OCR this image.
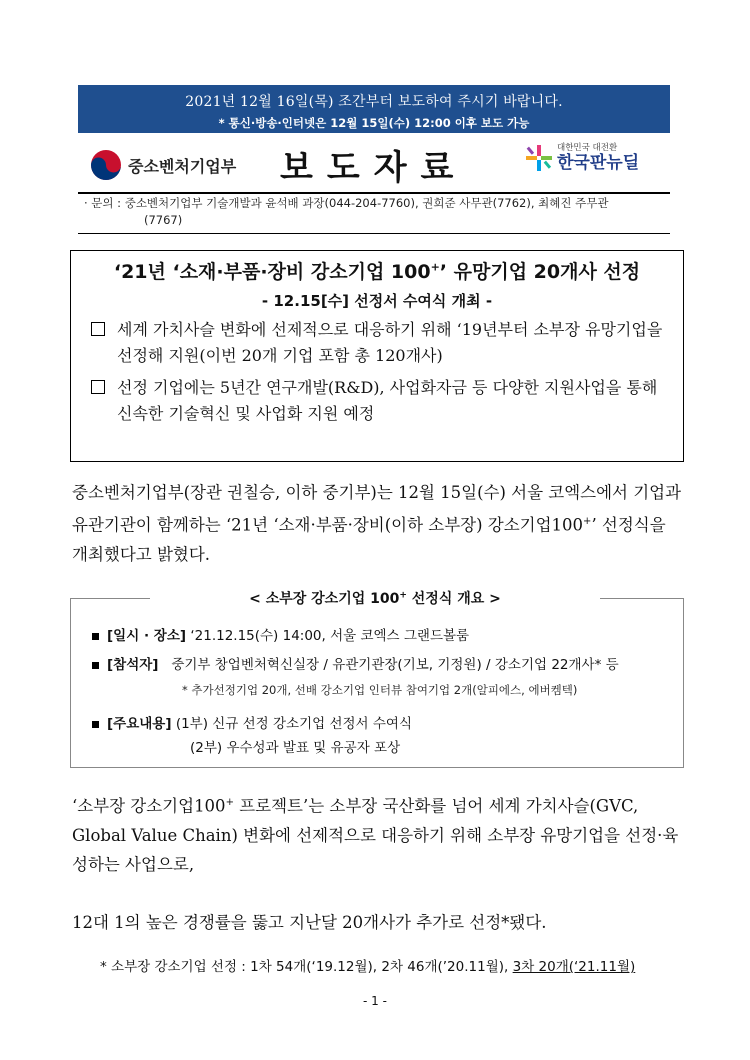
2021년 12월 16일(목) 조간부터 보도하여 주시기 바랍니다.
* 통신·방송·인터넷은 12월 15일(수) 12:00 이후 보도 가능
중소벤처기업부 보도자료	대한민국 대전환
한국판뉴딜
· 문의 : 중소벤처기업부 기술개발과 윤석배 과장(044-204-7760), 권희준 사무관(7762), 최혜진 주무관
(7767)
‘21년 ‘소재·부품·장비 강소기업 100+’ 유망기업 20개사 선정
- 12.15[수] 선정서 수여식 개최 -
세계 가치사슬 변화에 선제적으로 대응하기 위해 ‘19년부터 소부장 유망기업을 선정해 지원(이번 20개 기업 포함 총 120개사)
선정 기업에는 5년간 연구개발(R&D), 사업화자금 등 다양한 지원사업을 통해 신속한 기술혁신 및 사업화 지원 예정
중소벤처기업부(장관 권칠승, 이하 중기부)는 12월 15일(수) 서울 코엑스에서 기업과 유관기관이 함께하는 ‘21년 ‘소재·부품·장비(이하 소부장) 강소기업100+’ 선정식을 개최했다고 밝혔다.
< 소부장 강소기업 100+ 선정식 개요 >
[일시 · 장소] ‘21.12.15(수) 14:00, 서울 코엑스 그랜드볼룸
[참석자] 중기부 창업벤처혁신실장 / 유관기관장(기보, 기정원) / 강소기업 22개사* 등
* 추가선정기업 20개, 선배 강소기업 인터뷰 참여기업 2개(알피에스, 에버켐텍)
[주요내용] (1부) 신규 선정 강소기업 선정서 수여식
(2부) 우수성과 발표 및 유공자 포상
‘소부장 강소기업100+ 프로젝트’는 소부장 국산화를 넘어 세계 가치사슬(GVC, Global Value Chain) 변화에 선제적으로 대응하기 위해 소부장 유망기업을 선정·육성하는 사업으로,
12대 1의 높은 경쟁률을 뚫고 지난달 20개사가 추가로 선정*됐다.
* 소부장 강소기업 선정 : 1차 54개(‘19.12월), 2차 46개(’20.11월), 3차 20개(‘21.11월)
- 1 -
